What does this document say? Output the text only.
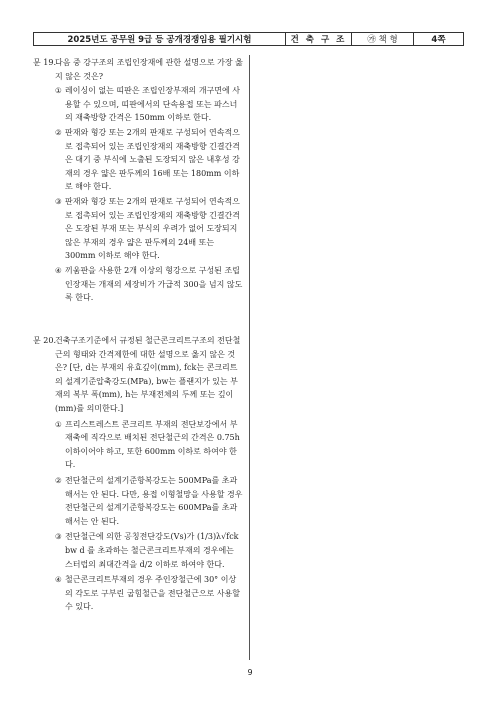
2025년도 공무원 9급 등 공개경쟁임용 필기시험	건 축 구 조	㉮ 책 형	4쪽
문 19. 다음 중 강구조의 조립인장재에 관한 설명으로 가장 옳지 않은 것은?
① 레이싱이 없는 띠판은 조립인장부재의 개구면에 사용할 수 있으며, 띠판에서의 단속용접 또는 파스너의 재축방향 간격은 150mm 이하로 한다.
② 판재와 형강 또는 2개의 판재로 구성되어 연속적으로 접촉되어 있는 조립인장재의 재축방향 긴결간격은 대기 중 부식에 노출된 도장되지 않은 내후성 강재의 경우 얇은 판두께의 16배 또는 180mm 이하로 해야 한다.
③ 판재와 형강 또는 2개의 판재로 구성되어 연속적으로 접촉되어 있는 조립인장재의 재축방향 긴결간격은 도장된 부재 또는 부식의 우려가 없어 도장되지 않은 부재의 경우 얇은 판두께의 24배 또는 300mm 이하로 해야 한다.
④ 끼움판을 사용한 2개 이상의 형강으로 구성된 조립인장재는 개재의 세장비가 가급적 300을 넘지 않도록 한다.
문 20. 건축구조기준에서 규정된 철근콘크리트구조의 전단철근의 형태와 간격제한에 대한 설명으로 옳지 않은 것은? [단, d는 부재의 유효깊이(mm), fck는 콘크리트의 설계기준압축강도(MPa), bw는 플랜지가 있는 부재의 복부 폭(mm), h는 부재전체의 두께 또는 깊이(mm)를 의미한다.]
① 프리스트레스트 콘크리트 부재의 전단보강에서 부재축에 직각으로 배치된 전단철근의 간격은 0.75h 이하이어야 하고, 또한 600mm 이하로 하여야 한다.
② 전단철근의 설계기준항복강도는 500MPa를 초과해서는 안 된다. 다만, 용접 이형철망을 사용할 경우 전단철근의 설계기준항복강도는 600MPa를 초과해서는 안 된다.
③ 전단철근에 의한 공칭전단강도(Vs)가 (1/3)λ√fck bw d 를 초과하는 철근콘크리트부재의 경우에는 스터럽의 최대간격을 d/2 이하로 하여야 한다.
④ 철근콘크리트부재의 경우 주인장철근에 30° 이상의 각도로 구부린 굽힘철근을 전단철근으로 사용할 수 있다.
9
